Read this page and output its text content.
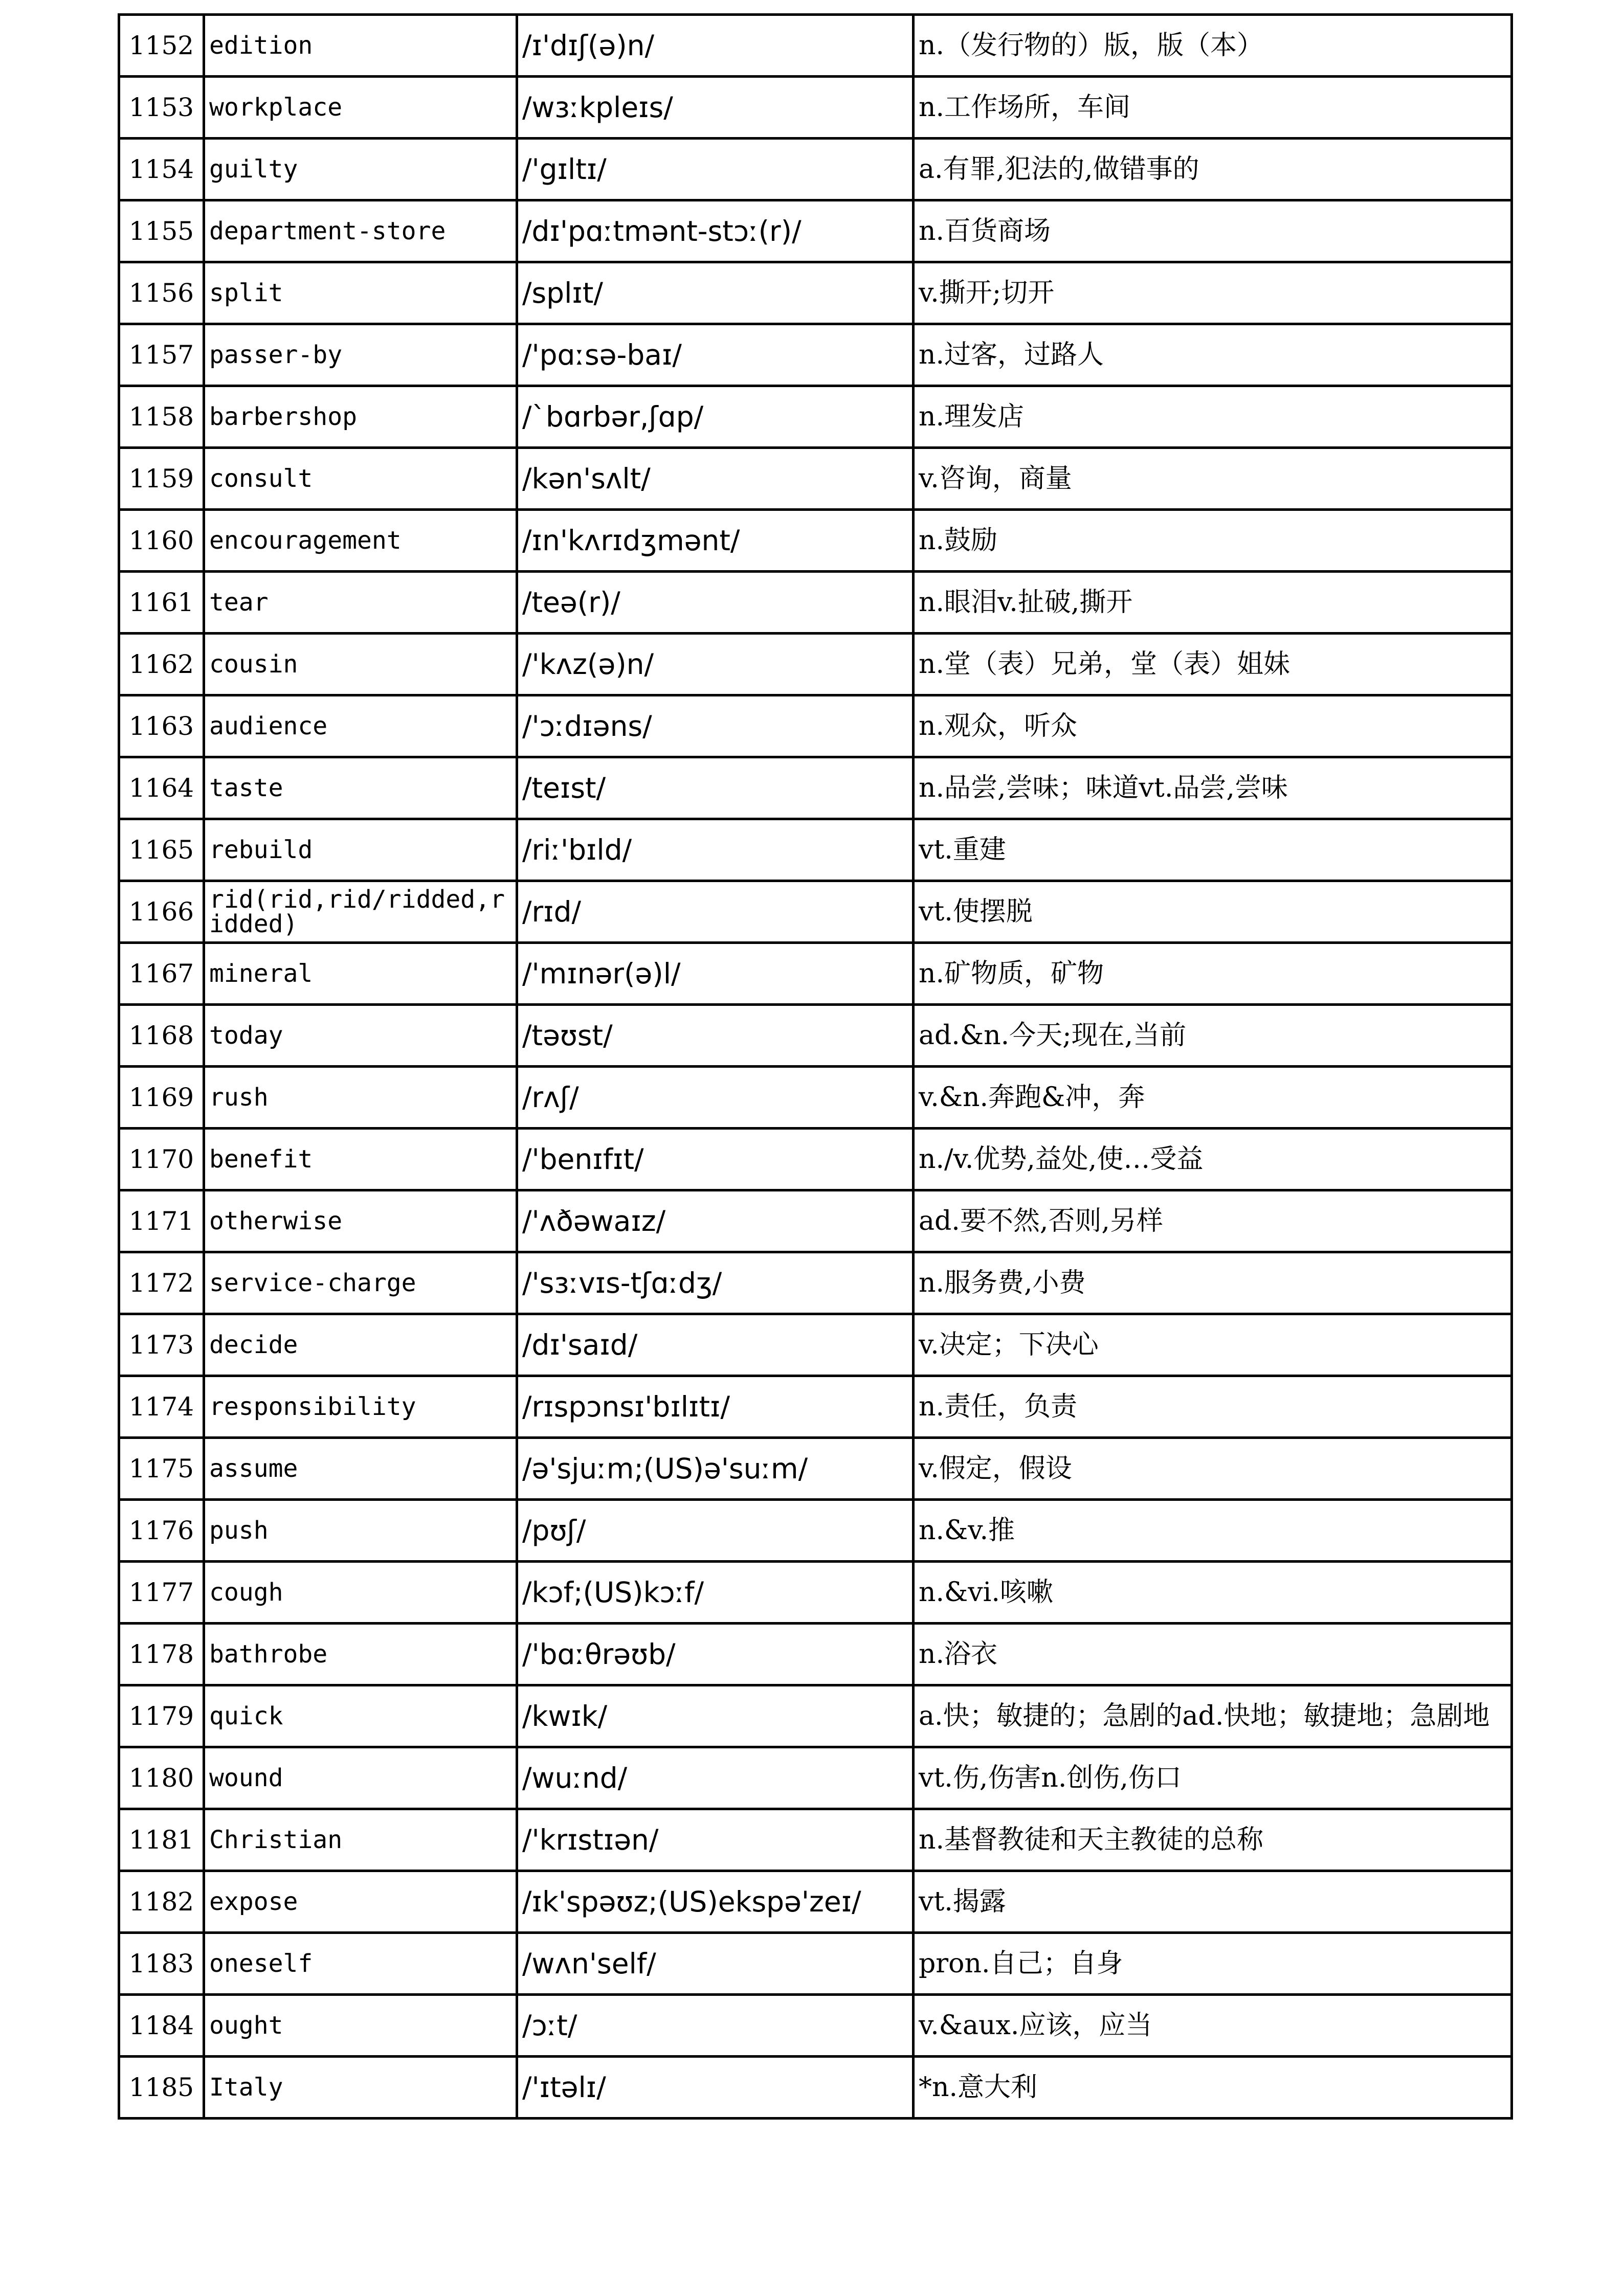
1152	edition	/ɪ'dɪʃ(ə)n/	n.（发行物的）版，版（本）
1153	workplace	/wɜːkpleɪs/	n.工作场所，车间
1154	guilty	/'gɪltɪ/	a.有罪,犯法的,做错事的
1155	department-store	/dɪ'pɑːtmənt-stɔː(r)/	n.百货商场
1156	split	/splɪt/	v.撕开;切开
1157	passer-by	/'pɑːsə-baɪ/	n.过客，过路人
1158	barbershop	/`bɑrbər,ʃɑp/	n.理发店
1159	consult	/kən'sʌlt/	v.咨询，商量
1160	encouragement	/ɪn'kʌrɪdʒmənt/	n.鼓励
1161	tear	/teə(r)/	n.眼泪v.扯破,撕开
1162	cousin	/'kʌz(ə)n/	n.堂（表）兄弟，堂（表）姐妹
1163	audience	/'ɔːdɪəns/	n.观众，听众
1164	taste	/teɪst/	n.品尝,尝味；味道vt.品尝,尝味
1165	rebuild	/riː'bɪld/	vt.重建
1166	rid(rid,rid/ridded,ridded)	/rɪd/	vt.使摆脱
1167	mineral	/'mɪnər(ə)l/	n.矿物质，矿物
1168	today	/təʊst/	ad.&n.今天;现在,当前
1169	rush	/rʌʃ/	v.&n.奔跑&冲，奔
1170	benefit	/'benɪfɪt/	n./v.优势,益处,使…受益
1171	otherwise	/'ʌðəwaɪz/	ad.要不然,否则,另样
1172	service-charge	/'sɜːvɪs-tʃɑːdʒ/	n.服务费,小费
1173	decide	/dɪ'saɪd/	v.决定；下决心
1174	responsibility	/rɪspɔnsɪ'bɪlɪtɪ/	n.责任，负责
1175	assume	/ə'sjuːm;(US)ə'suːm/	v.假定，假设
1176	push	/pʊʃ/	n.&v.推
1177	cough	/kɔf;(US)kɔːf/	n.&vi.咳嗽
1178	bathrobe	/'bɑːθrəʊb/	n.浴衣
1179	quick	/kwɪk/	a.快；敏捷的；急剧的ad.快地；敏捷地；急剧地
1180	wound	/wuːnd/	vt.伤,伤害n.创伤,伤口
1181	Christian	/'krɪstɪən/	n.基督教徒和天主教徒的总称
1182	expose	/ɪk'spəʊz;(US)ekspə'zeɪ/	vt.揭露
1183	oneself	/wʌn'self/	pron.自己；自身
1184	ought	/ɔːt/	v.&aux.应该，应当
1185	Italy	/'ɪtəlɪ/	*n.意大利
